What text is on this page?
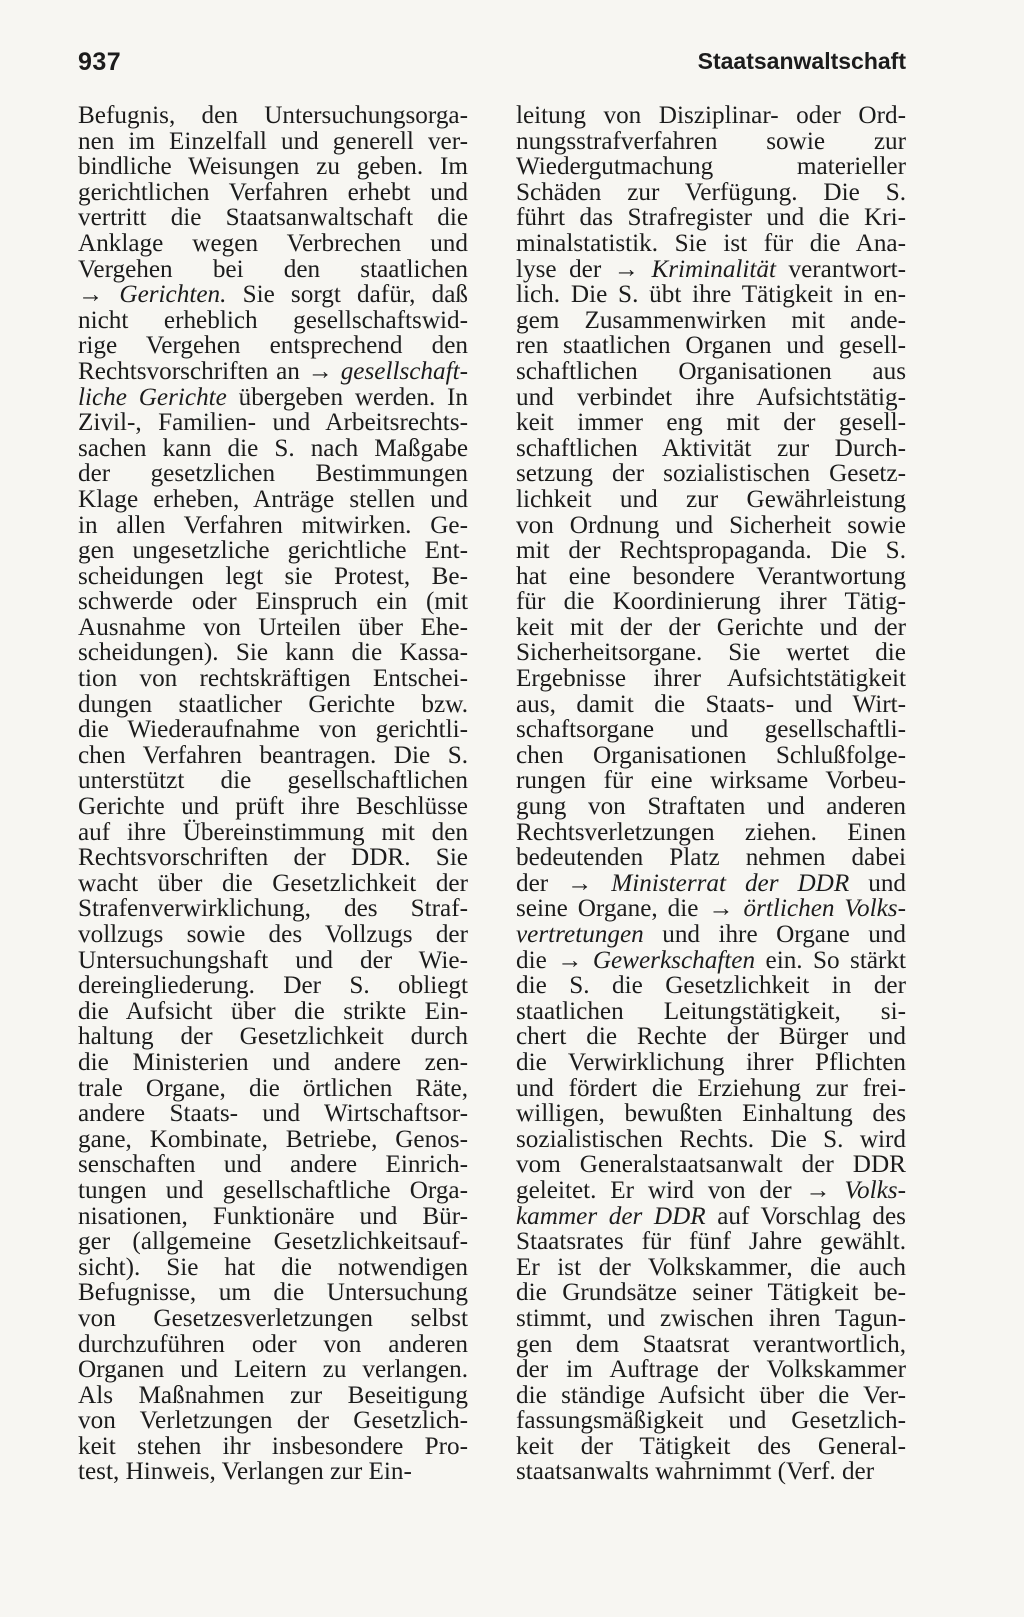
937	Staatsanwaltschaft
Befugnis, den Untersuchungsorga-
nen im Einzelfall und generell ver-
bindliche Weisungen zu geben. Im
gerichtlichen Verfahren erhebt und
vertritt die Staatsanwaltschaft die
Anklage wegen Verbrechen und
Vergehen bei den staatlichen
→ Gerichten. Sie sorgt dafür, daß
nicht erheblich gesellschaftswid-
rige Vergehen entsprechend den
Rechtsvorschriften an → gesellschaft-
liche Gerichte übergeben werden. In
Zivil-, Familien- und Arbeitsrechts-
sachen kann die S. nach Maßgabe
der gesetzlichen Bestimmungen
Klage erheben, Anträge stellen und
in allen Verfahren mitwirken. Ge-
gen ungesetzliche gerichtliche Ent-
scheidungen legt sie Protest, Be-
schwerde oder Einspruch ein (mit
Ausnahme von Urteilen über Ehe-
scheidungen). Sie kann die Kassa-
tion von rechtskräftigen Entschei-
dungen staatlicher Gerichte bzw.
die Wiederaufnahme von gerichtli-
chen Verfahren beantragen. Die S.
unterstützt die gesellschaftlichen
Gerichte und prüft ihre Beschlüsse
auf ihre Übereinstimmung mit den
Rechtsvorschriften der DDR. Sie
wacht über die Gesetzlichkeit der
Strafenverwirklichung, des Straf-
vollzugs sowie des Vollzugs der
Untersuchungshaft und der Wie-
dereingliederung. Der S. obliegt
die Aufsicht über die strikte Ein-
haltung der Gesetzlichkeit durch
die Ministerien und andere zen-
trale Organe, die örtlichen Räte,
andere Staats- und Wirtschaftsor-
gane, Kombinate, Betriebe, Genos-
senschaften und andere Einrich-
tungen und gesellschaftliche Orga-
nisationen, Funktionäre und Bür-
ger (allgemeine Gesetzlichkeitsauf-
sicht). Sie hat die notwendigen
Befugnisse, um die Untersuchung
von Gesetzesverletzungen selbst
durchzuführen oder von anderen
Organen und Leitern zu verlangen.
Als Maßnahmen zur Beseitigung
von Verletzungen der Gesetzlich-
keit stehen ihr insbesondere Pro-
test, Hinweis, Verlangen zur Ein-
leitung von Disziplinar- oder Ord-
nungsstrafverfahren sowie zur
Wiedergutmachung materieller
Schäden zur Verfügung. Die S.
führt das Strafregister und die Kri-
minalstatistik. Sie ist für die Ana-
lyse der → Kriminalität verantwort-
lich. Die S. übt ihre Tätigkeit in en-
gem Zusammenwirken mit ande-
ren staatlichen Organen und gesell-
schaftlichen Organisationen aus
und verbindet ihre Aufsichtstätig-
keit immer eng mit der gesell-
schaftlichen Aktivität zur Durch-
setzung der sozialistischen Gesetz-
lichkeit und zur Gewährleistung
von Ordnung und Sicherheit sowie
mit der Rechtspropaganda. Die S.
hat eine besondere Verantwortung
für die Koordinierung ihrer Tätig-
keit mit der der Gerichte und der
Sicherheitsorgane. Sie wertet die
Ergebnisse ihrer Aufsichtstätigkeit
aus, damit die Staats- und Wirt-
schaftsorgane und gesellschaftli-
chen Organisationen Schlußfolge-
rungen für eine wirksame Vorbeu-
gung von Straftaten und anderen
Rechtsverletzungen ziehen. Einen
bedeutenden Platz nehmen dabei
der → Ministerrat der DDR und
seine Organe, die → örtlichen Volks-
vertretungen und ihre Organe und
die → Gewerkschaften ein. So stärkt
die S. die Gesetzlichkeit in der
staatlichen Leitungstätigkeit, si-
chert die Rechte der Bürger und
die Verwirklichung ihrer Pflichten
und fördert die Erziehung zur frei-
willigen, bewußten Einhaltung des
sozialistischen Rechts. Die S. wird
vom Generalstaatsanwalt der DDR
geleitet. Er wird von der → Volks-
kammer der DDR auf Vorschlag des
Staatsrates für fünf Jahre gewählt.
Er ist der Volkskammer, die auch
die Grundsätze seiner Tätigkeit be-
stimmt, und zwischen ihren Tagun-
gen dem Staatsrat verantwortlich,
der im Auftrage der Volkskammer
die ständige Aufsicht über die Ver-
fassungsmäßigkeit und Gesetzlich-
keit der Tätigkeit des General-
staatsanwalts wahrnimmt (Verf. der
